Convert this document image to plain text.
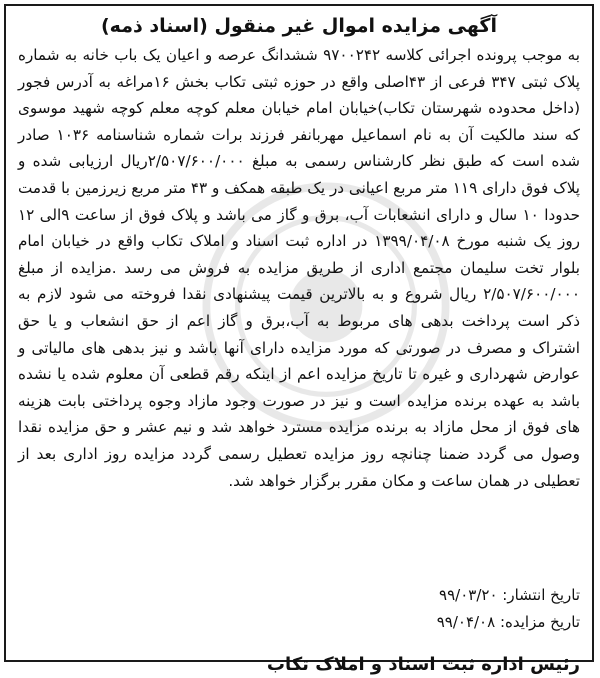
آگهی مزایده اموال غیر منقول (اسناد ذمه)

به موجب پرونده اجرائی کلاسه ۹۷۰۰۲۴۲ ششدانگ عرصه و اعیان یک باب خانه به شماره پلاک ثبتی ۳۴۷ فرعی از ۴۳اصلی واقع در حوزه ثبتی تکاب بخش ۱۶مراغه به آدرس فجور (داخل محدوده شهرستان تکاب)خیابان امام خیابان معلم کوچه معلم کوچه شهید موسوی که سند مالکیت آن به نام اسماعیل مهربانفر فرزند برات شماره شناسنامه ۱۰۳۶ صادر شده است که طبق نظر کارشناس رسمی به مبلغ ۲/۵۰۷/۶۰۰/۰۰۰ریال ارزیابی شده و پلاک فوق دارای ۱۱۹ متر مربع اعیانی در یک طبقه همکف و ۴۳ متر مربع زیرزمین با قدمت حدودا ۱۰ سال و دارای انشعابات آب، برق و گاز می باشد و پلاک فوق از ساعت ۹الی ۱۲ روز یک شنبه مورخ ۱۳۹۹/۰۴/۰۸ در اداره ثبت اسناد و املاک تکاب واقع در خیابان امام بلوار تخت سلیمان مجتمع اداری از طریق مزایده به فروش می رسد .مزایده از مبلغ ۲/۵۰۷/۶۰۰/۰۰۰ ریال شروع و به بالاترین قیمت پیشنهادی نقدا فروخته می شود لازم به ذکر است پرداخت بدهی های مربوط به آب،برق و گاز اعم از حق انشعاب و یا حق اشتراک و مصرف در صورتی که مورد مزایده دارای آنها باشد و نیز بدهی های مالیاتی و عوارض شهرداری و غیره تا تاریخ مزایده اعم از اینکه رقم قطعی آن معلوم شده یا نشده باشد به عهده برنده مزایده است و نیز در صورت وجود مازاد وجوه پرداختی بابت هزینه های فوق از محل مازاد به برنده مزایده مسترد خواهد شد و نیم عشر و حق مزایده نقدا وصول می گردد ضمنا چنانچه روز مزایده تعطیل رسمی گردد مزایده روز اداری بعد از تعطیلی در همان ساعت و مکان مقرر برگزار خواهد شد.

تاریخ انتشار: ۹۹/۰۳/۲۰
تاریخ مزایده: ۹۹/۰۴/۰۸
رئیس اداره ثبت اسناد و املاک تکاب
